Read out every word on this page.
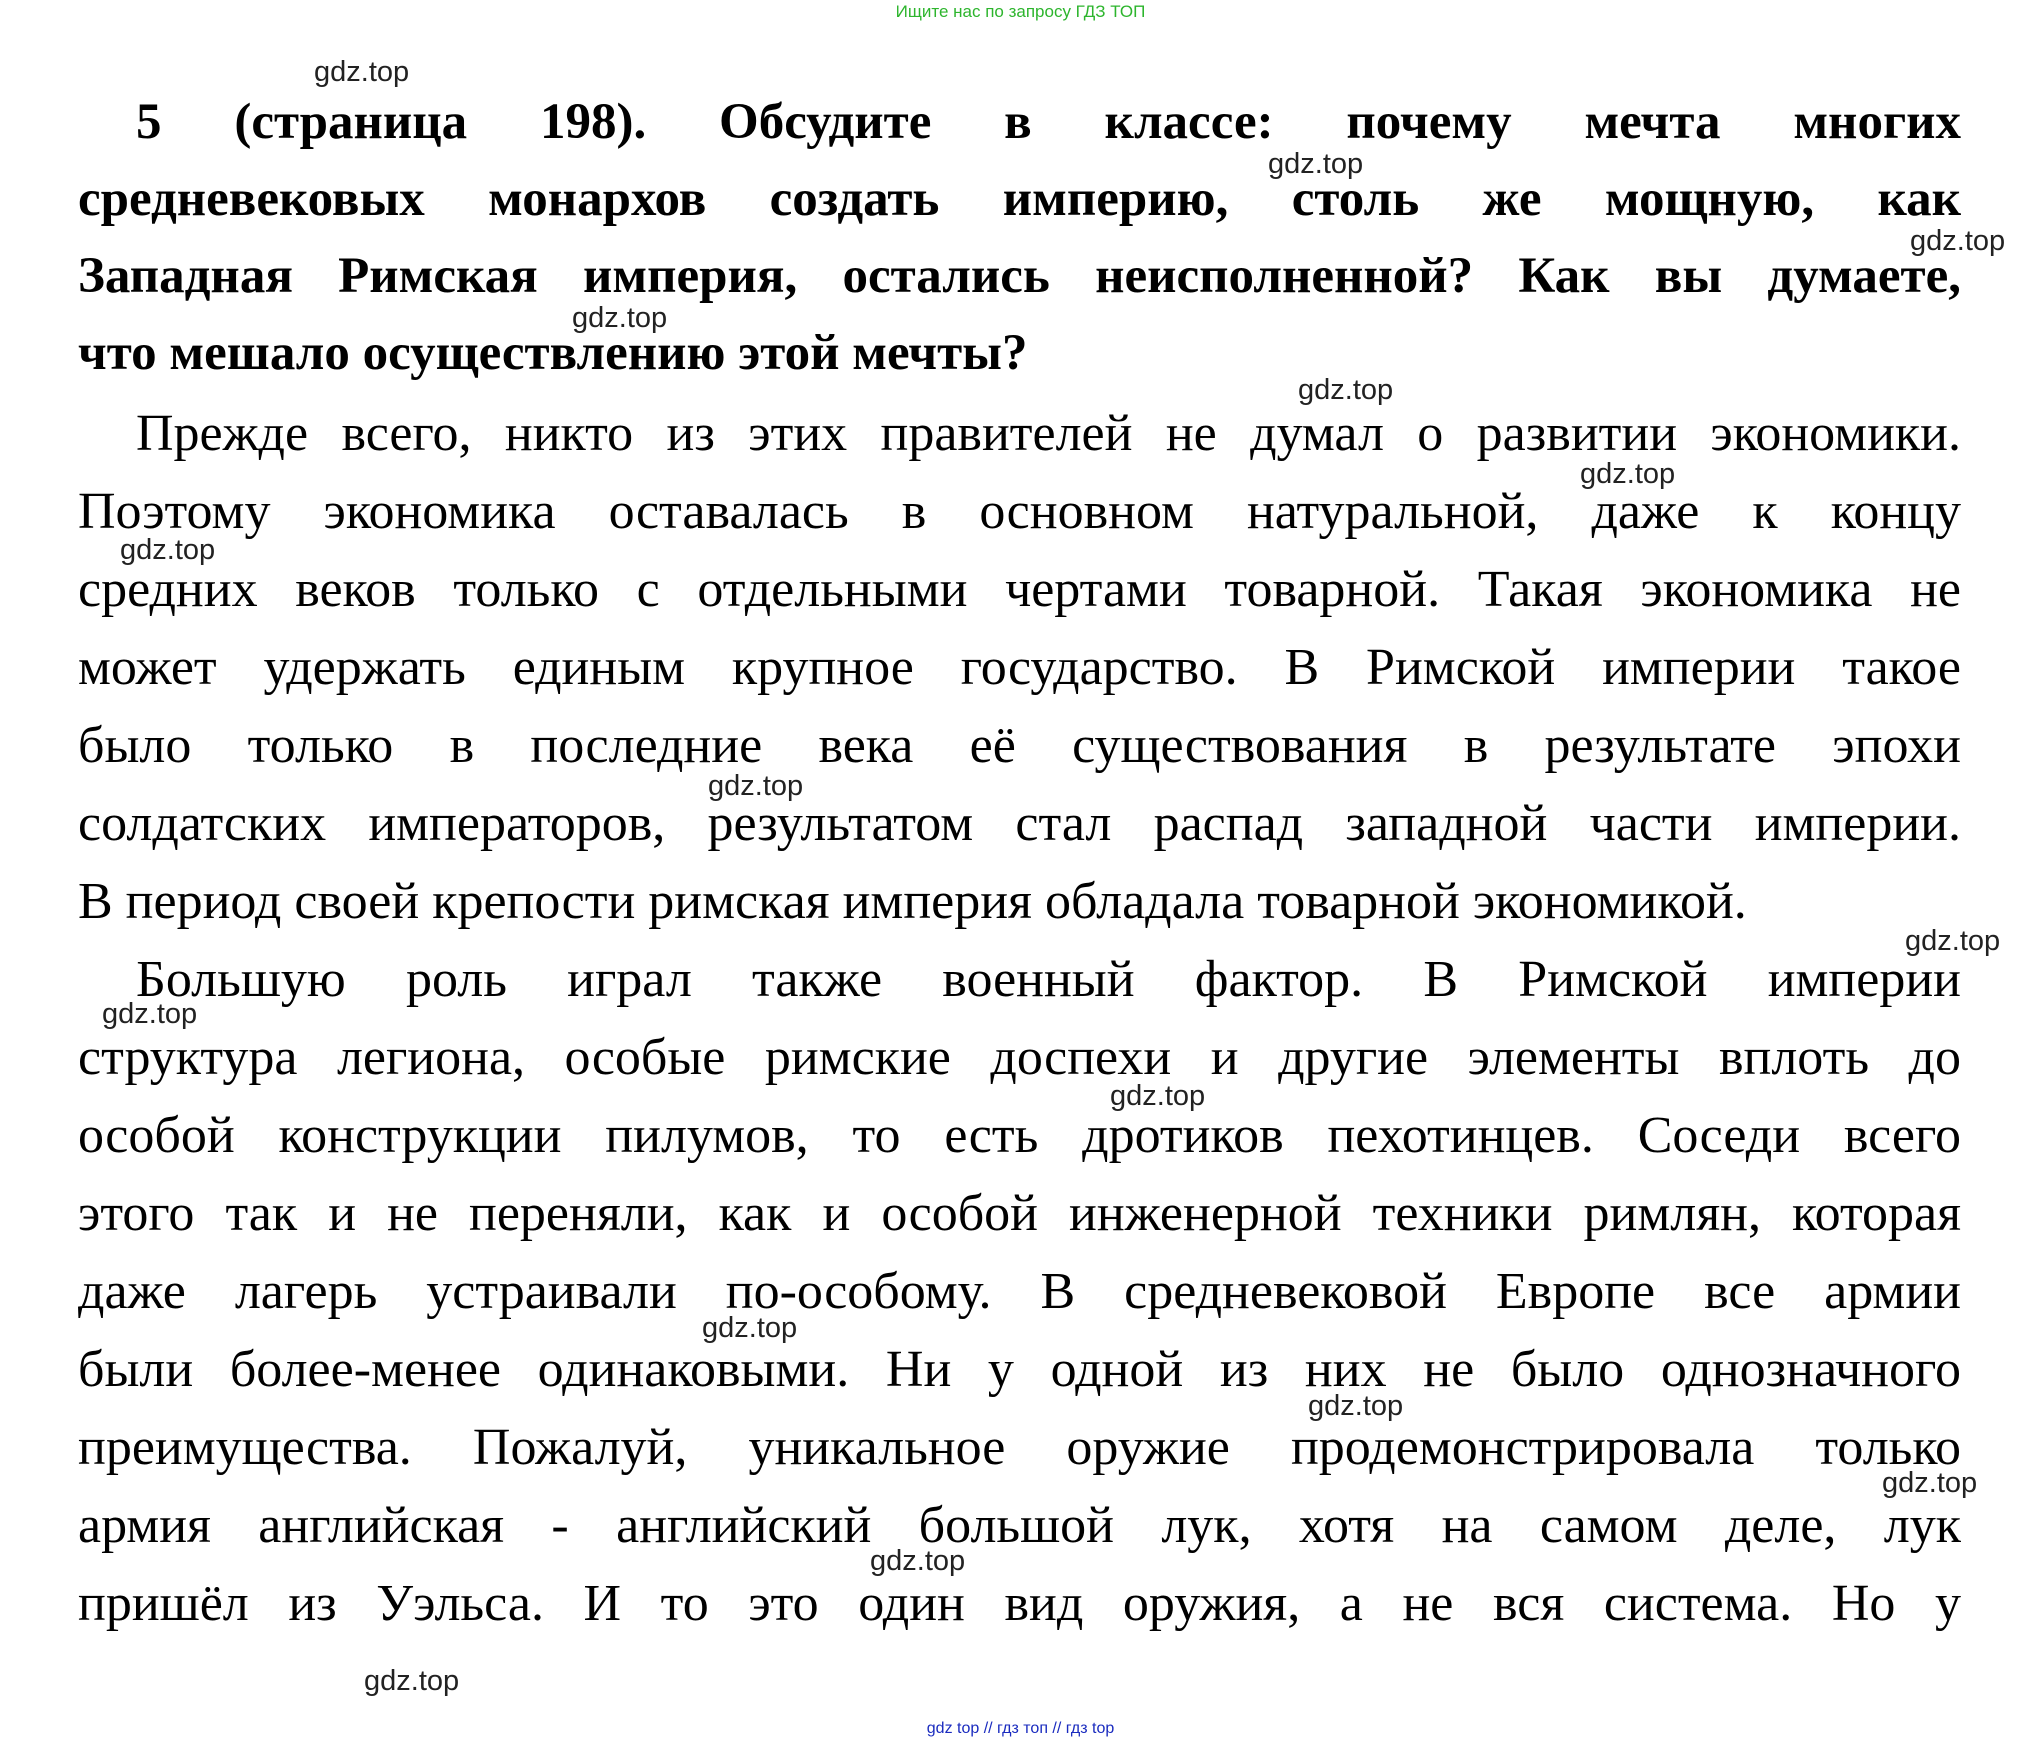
Ищите нас по запросу ГДЗ ТОП
5 (страница 198). Обсудите в классе: почему мечта многих
средневековых монархов создать империю, столь же мощную, как
Западная Римская империя, остались неисполненной? Как вы думаете,
что мешало осуществлению этой мечты?
Прежде всего, никто из этих правителей не думал о развитии экономики.
Поэтому экономика оставалась в основном натуральной, даже к концу
средних веков только с отдельными чертами товарной. Такая экономика не
может удержать единым крупное государство. В Римской империи такое
было только в последние века её существования в результате эпохи
солдатских императоров, результатом стал распад западной части империи.
В период своей крепости римская империя обладала товарной экономикой.
Большую роль играл также военный фактор. В Римской империи
структура легиона, особые римские доспехи и другие элементы вплоть до
особой конструкции пилумов, то есть дротиков пехотинцев. Соседи всего
этого так и не переняли, как и особой инженерной техники римлян, которая
даже лагерь устраивали по-особому. В средневековой Европе все армии
были более-менее одинаковыми. Ни у одной из них не было однозначного
преимущества. Пожалуй, уникальное оружие продемонстрировала только
армия английская - английский большой лук, хотя на самом деле, лук
пришёл из Уэльса. И то это один вид оружия, а не вся система. Но у
gdz.top
gdz.top
gdz.top
gdz.top
gdz.top
gdz.top
gdz.top
gdz.top
gdz.top
gdz.top
gdz.top
gdz.top
gdz.top
gdz.top
gdz.top
gdz.top
gdz top // гдз топ // гдз top
